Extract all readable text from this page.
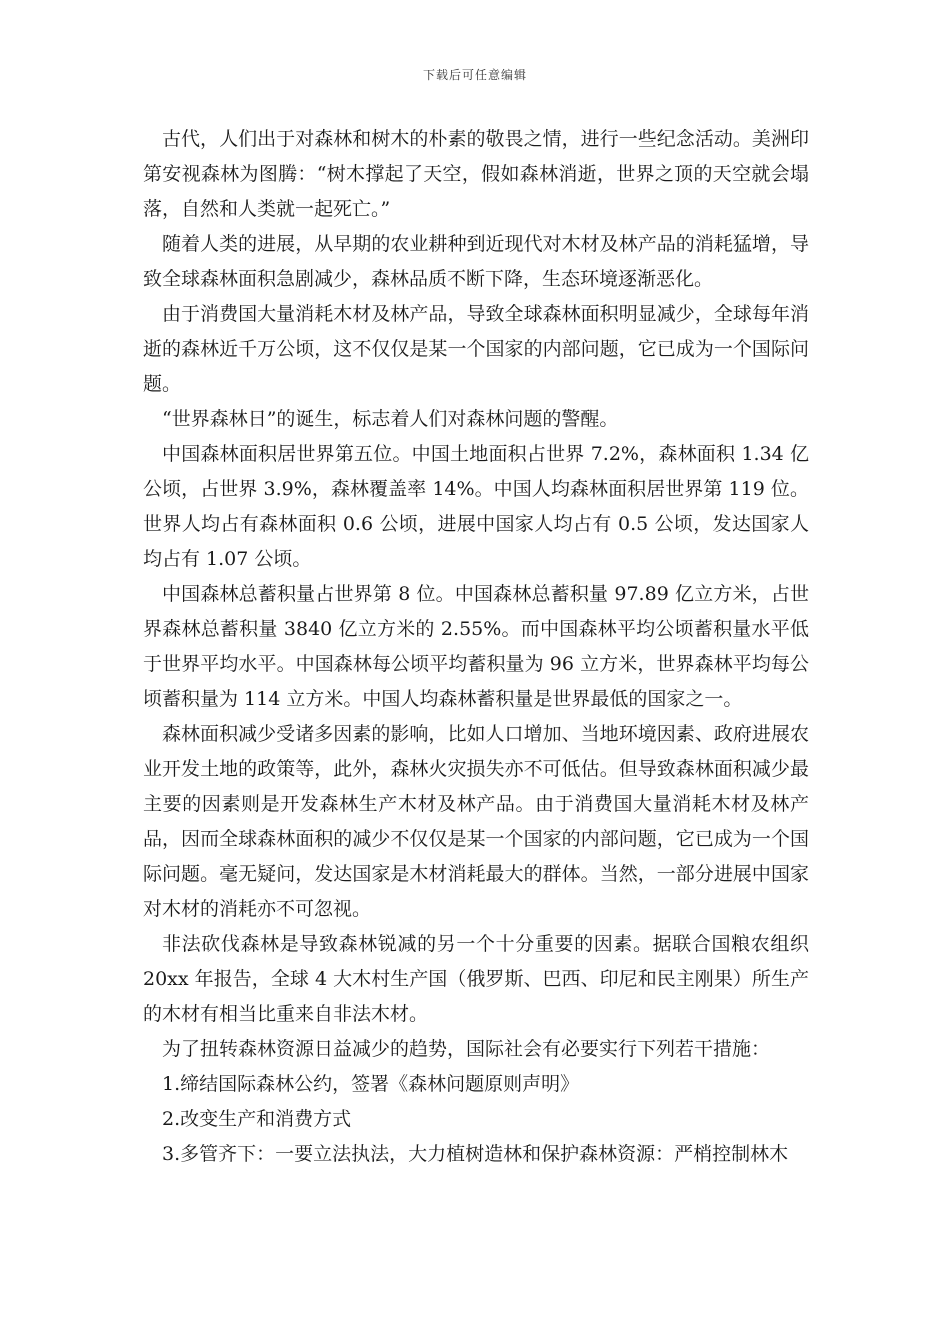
下载后可任意编辑

古代，人们出于对森林和树木的朴素的敬畏之情，进行一些纪念活动。美洲印第安视森林为图腾：“树木撑起了天空，假如森林消逝，世界之顶的天空就会塌落，自然和人类就一起死亡。”

随着人类的进展，从早期的农业耕种到近现代对木材及林产品的消耗猛增，导致全球森林面积急剧减少，森林品质不断下降，生态环境逐渐恶化。

由于消费国大量消耗木材及林产品，导致全球森林面积明显减少，全球每年消逝的森林近千万公顷，这不仅仅是某一个国家的内部问题，它已成为一个国际问题。

“世界森林日”的诞生，标志着人们对森林问题的警醒。

中国森林面积居世界第五位。中国土地面积占世界 7.2%，森林面积 1.34 亿公顷，占世界 3.9%，森林覆盖率 14%。中国人均森林面积居世界第 119 位。世界人均占有森林面积 0.6 公顷，进展中国家人均占有 0.5 公顷，发达国家人均占有 1.07 公顷。

中国森林总蓄积量占世界第 8 位。中国森林总蓄积量 97.89 亿立方米，占世界森林总蓄积量 3840 亿立方米的 2.55%。而中国森林平均公顷蓄积量水平低于世界平均水平。中国森林每公顷平均蓄积量为 96 立方米，世界森林平均每公顷蓄积量为 114 立方米。中国人均森林蓄积量是世界最低的国家之一。

森林面积减少受诸多因素的影响，比如人口增加、当地环境因素、政府进展农业开发土地的政策等，此外，森林火灾损失亦不可低估。但导致森林面积减少最主要的因素则是开发森林生产木材及林产品。由于消费国大量消耗木材及林产品，因而全球森林面积的减少不仅仅是某一个国家的内部问题，它已成为一个国际问题。毫无疑问，发达国家是木材消耗最大的群体。当然，一部分进展中国家对木材的消耗亦不可忽视。

非法砍伐森林是导致森林锐减的另一个十分重要的因素。据联合国粮农组织 20xx 年报告，全球 4 大木村生产国（俄罗斯、巴西、印尼和民主刚果）所生产的木材有相当比重来自非法木材。

为了扭转森林资源日益减少的趋势，国际社会有必要实行下列若干措施：

1.缔结国际森林公约，签署《森林问题原则声明》

2.改变生产和消费方式

3.多管齐下：一要立法执法，大力植树造林和保护森林资源：严梢控制林木
